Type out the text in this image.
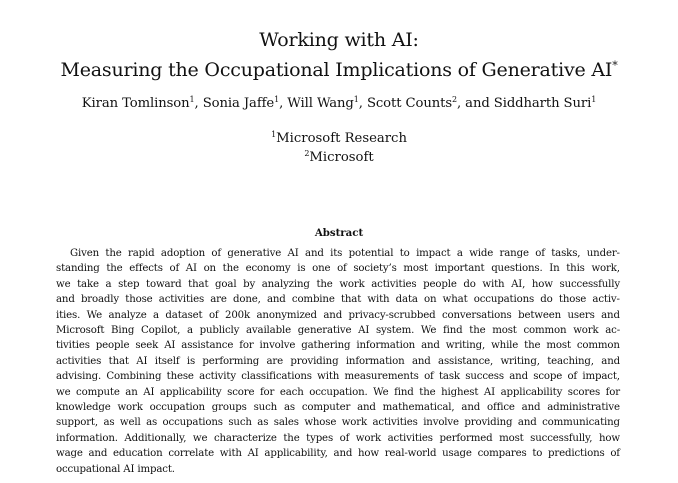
Working with AI:
Measuring the Occupational Implications of Generative AI*
Kiran Tomlinson$^1$, Sonia Jaffe$^1$, Will Wang$^1$, Scott Counts$^2$, and Siddharth Suri$^1$
$^1$Microsoft Research
$^2$Microsoft
Abstract
Given the rapid adoption of generative AI and its potential to impact a wide range of tasks, under-
standing the effects of AI on the economy is one of society’s most important questions. In this work,
we take a step toward that goal by analyzing the work activities people do with AI, how successfully
and broadly those activities are done, and combine that with data on what occupations do those activ-
ities. We analyze a dataset of 200k anonymized and privacy-scrubbed conversations between users and
Microsoft Bing Copilot, a publicly available generative AI system. We find the most common work ac-
tivities people seek AI assistance for involve gathering information and writing, while the most common
activities that AI itself is performing are providing information and assistance, writing, teaching, and
advising. Combining these activity classifications with measurements of task success and scope of impact,
we compute an AI applicability score for each occupation. We find the highest AI applicability scores for
knowledge work occupation groups such as computer and mathematical, and office and administrative
support, as well as occupations such as sales whose work activities involve providing and communicating
information. Additionally, we characterize the types of work activities performed most successfully, how
wage and education correlate with AI applicability, and how real-world usage compares to predictions of
occupational AI impact.
